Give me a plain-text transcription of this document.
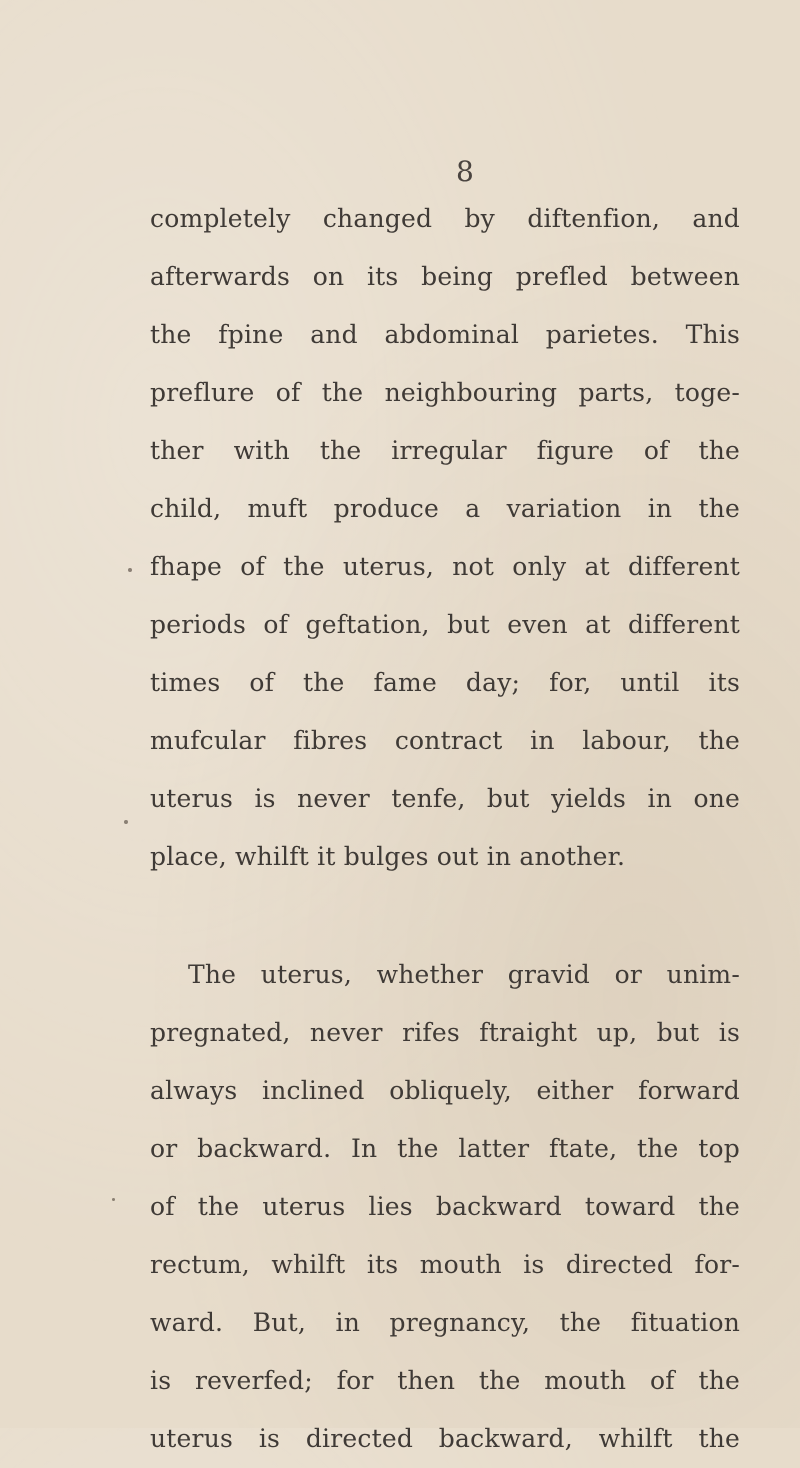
8
completely changed by diftenfion, and
afterwards on its being prefled between
the fpine and abdominal parietes. This
preflure of the neighbouring parts, toge-
ther with the irregular figure of the
child, muft produce a variation in the
fhape of the uterus, not only at different
periods of geftation, but even at different
times of the fame day; for, until its
mufcular fibres contract in labour, the
uterus is never tenfe, but yields in one
place, whilft it bulges out in another.
The uterus, whether gravid or unim-
pregnated, never rifes ftraight up, but is
always inclined obliquely, either forward
or backward. In the latter ftate, the top
of the uterus lies backward toward the
rectum, whilft its mouth is directed for-
ward. But, in pregnancy, the fituation
is reverfed; for then the mouth of the
uterus is directed backward, whilft the
